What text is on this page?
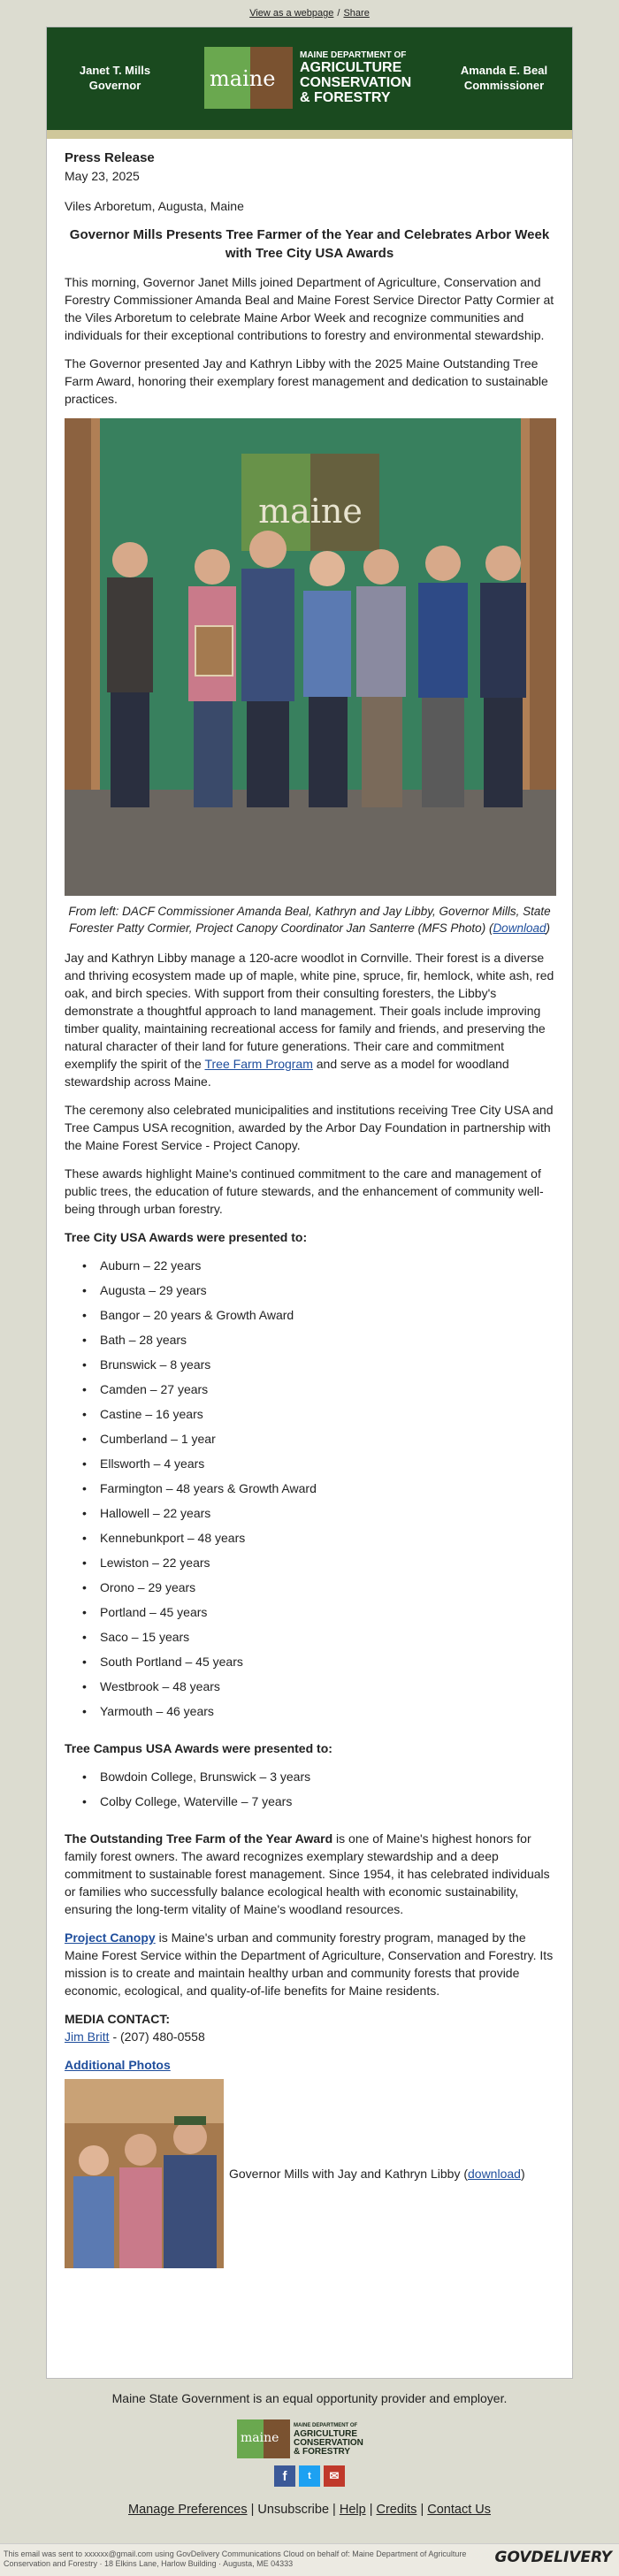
View as a webpage / Share
Janet T. Mills
Governor	maine
MAINE DEPARTMENT OF
AGRICULTURE
CONSERVATION
& FORESTRY
Amanda E. Beal
Commissioner
Press Release
May 23, 2025
Viles Arboretum, Augusta, Maine
Governor Mills Presents Tree Farmer of the Year and Celebrates Arbor Week with Tree City USA Awards

This morning, Governor Janet Mills joined Department of Agriculture, Conservation and Forestry Commissioner Amanda Beal and Maine Forest Service Director Patty Cormier at the Viles Arboretum to celebrate Maine Arbor Week and recognize communities and individuals for their exceptional contributions to forestry and environmental stewardship.

The Governor presented Jay and Kathryn Libby with the 2025 Maine Outstanding Tree Farm Award, honoring their exemplary forest management and dedication to sustainable practices.

maine
From left: DACF Commissioner Amanda Beal, Kathryn and Jay Libby, Governor Mills, State Forester Patty Cormier, Project Canopy Coordinator Jan Santerre (MFS Photo) (Download)

Jay and Kathryn Libby manage a 120-acre woodlot in Cornville. Their forest is a diverse and thriving ecosystem made up of maple, white pine, spruce, fir, hemlock, white ash, red oak, and birch species. With support from their consulting foresters, the Libby's demonstrate a thoughtful approach to land management. Their goals include improving timber quality, maintaining recreational access for family and friends, and preserving the natural character of their land for future generations. Their care and commitment exemplify the spirit of the Tree Farm Program and serve as a model for woodland stewardship across Maine.

The ceremony also celebrated municipalities and institutions receiving Tree City USA and Tree Campus USA recognition, awarded by the Arbor Day Foundation in partnership with the Maine Forest Service - Project Canopy.

These awards highlight Maine's continued commitment to the care and management of public trees, the education of future stewards, and the enhancement of community well-being through urban forestry.

Tree City USA Awards were presented to:
• Auburn – 22 years
• Augusta – 29 years
• Bangor – 20 years & Growth Award
• Bath – 28 years
• Brunswick – 8 years
• Camden – 27 years
• Castine – 16 years
• Cumberland – 1 year
• Ellsworth – 4 years
• Farmington – 48 years & Growth Award
• Hallowell – 22 years
• Kennebunkport – 48 years
• Lewiston – 22 years
• Orono – 29 years
• Portland – 45 years
• Saco – 15 years
• South Portland – 45 years
• Westbrook – 48 years
• Yarmouth – 46 years
Tree Campus USA Awards were presented to:
• Bowdoin College, Brunswick – 3 years
• Colby College, Waterville – 7 years

The Outstanding Tree Farm of the Year Award is one of Maine's highest honors for family forest owners. The award recognizes exemplary stewardship and a deep commitment to sustainable forest management. Since 1954, it has celebrated individuals or families who successfully balance ecological health with economic sustainability, ensuring the long-term vitality of Maine's woodland resources.

Project Canopy is Maine's urban and community forestry program, managed by the Maine Forest Service within the Department of Agriculture, Conservation and Forestry. Its mission is to create and maintain healthy urban and community forests that provide economic, ecological, and quality-of-life benefits for Maine residents.

MEDIA CONTACT:
Jim Britt - (207) 480-0558
Additional Photos
Governor Mills with Jay and Kathryn Libby (download)
Maine State Government is an equal opportunity provider and employer.
maine
MAINE DEPARTMENT OF
AGRICULTURE
CONSERVATION
& FORESTRY
f	t	✉
Manage Preferences | Unsubscribe | Help | Credits | Contact Us
This email was sent to xxxxxx@gmail.com using GovDelivery Communications Cloud on behalf of: Maine Department of Agriculture Conservation and Forestry · 18 Elkins Lane, Harlow Building · Augusta, ME 04333	GOVDELIVERY
